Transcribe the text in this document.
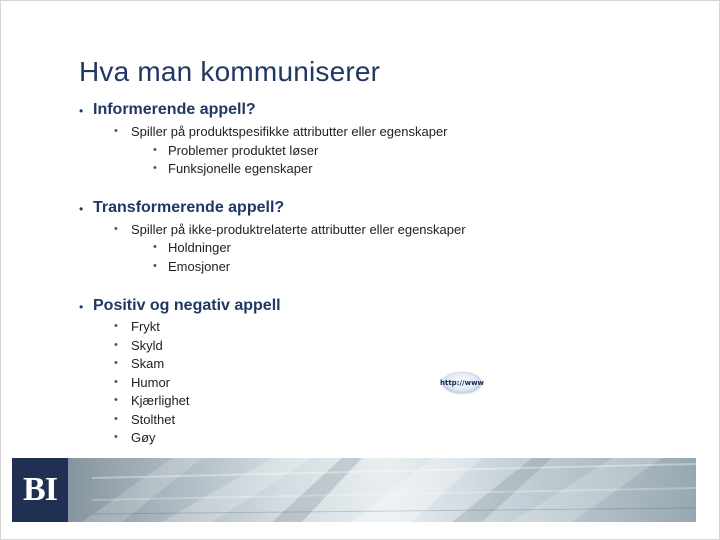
Hva man kommuniserer
• Informerende appell?
• Spiller på produktspesifikke attributter eller egenskaper
• Problemer produktet løser
• Funksjonelle egenskaper
• Transformerende appell?
• Spiller på ikke-produktrelaterte attributter eller egenskaper
• Holdninger
• Emosjoner
• Positiv og negativ appell
• Frykt
• Skyld
• Skam
• Humor
• Kjærlighet
• Stolthet
• Gøy
http://www
BI
